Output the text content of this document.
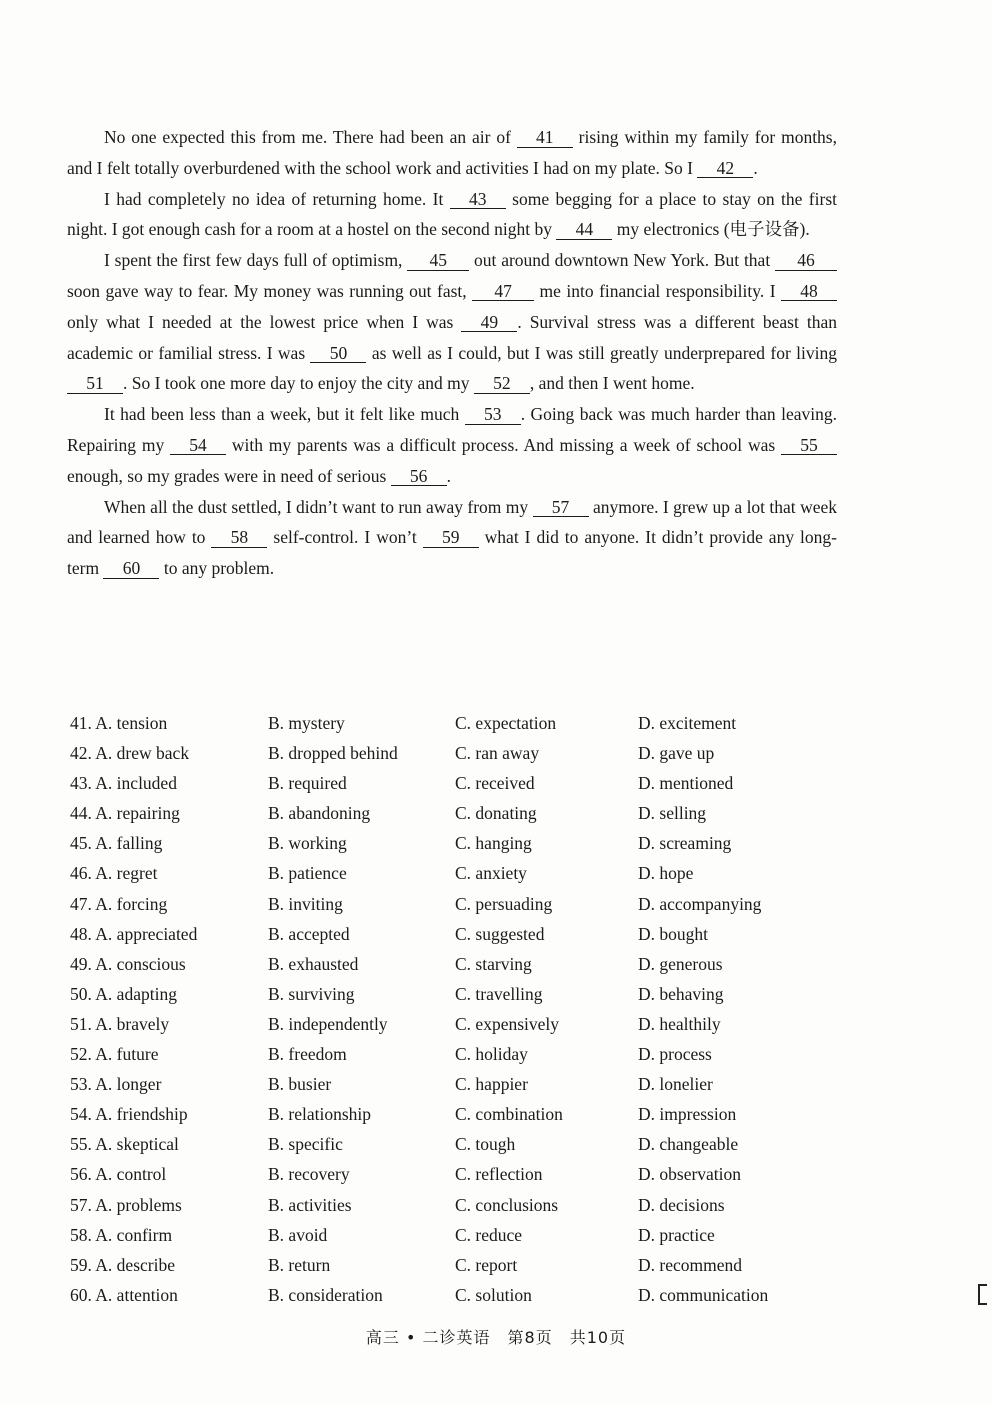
No one expected this from me. There had been an air of 41 rising within my family for months, and I felt totally overburdened with the school work and activities I had on my plate. So I 42 .

I had completely no idea of returning home. It 43 some begging for a place to stay on the first night. I got enough cash for a room at a hostel on the second night by 44 my electronics (电子设备).

I spent the first few days full of optimism, 45 out around downtown New York. But that 46 soon gave way to fear. My money was running out fast, 47 me into financial responsibility. I 48 only what I needed at the lowest price when I was 49 . Survival stress was a different beast than academic or familial stress. I was 50 as well as I could, but I was still greatly underprepared for living 51 . So I took one more day to enjoy the city and my 52 , and then I went home.

It had been less than a week, but it felt like much 53 . Going back was much harder than leaving. Repairing my 54 with my parents was a difficult process. And missing a week of school was 55 enough, so my grades were in need of serious 56 .

When all the dust settled, I didn’t want to run away from my 57 anymore. I grew up a lot that week and learned how to 58 self-control. I won’t 59 what I did to anyone. It didn’t provide any long-term 60 to any problem.

41. A. tension	B. mystery	C. expectation	D. excitement
42. A. drew back	B. dropped behind	C. ran away	D. gave up
43. A. included	B. required	C. received	D. mentioned
44. A. repairing	B. abandoning	C. donating	D. selling
45. A. falling	B. working	C. hanging	D. screaming
46. A. regret	B. patience	C. anxiety	D. hope
47. A. forcing	B. inviting	C. persuading	D. accompanying
48. A. appreciated	B. accepted	C. suggested	D. bought
49. A. conscious	B. exhausted	C. starving	D. generous
50. A. adapting	B. surviving	C. travelling	D. behaving
51. A. bravely	B. independently	C. expensively	D. healthily
52. A. future	B. freedom	C. holiday	D. process
53. A. longer	B. busier	C. happier	D. lonelier
54. A. friendship	B. relationship	C. combination	D. impression
55. A. skeptical	B. specific	C. tough	D. changeable
56. A. control	B. recovery	C. reflection	D. observation
57. A. problems	B. activities	C. conclusions	D. decisions
58. A. confirm	B. avoid	C. reduce	D. practice
59. A. describe	B. return	C. report	D. recommend
60. A. attention	B. consideration	C. solution	D. communication
高三 • 二诊英语　第8页　共10页
